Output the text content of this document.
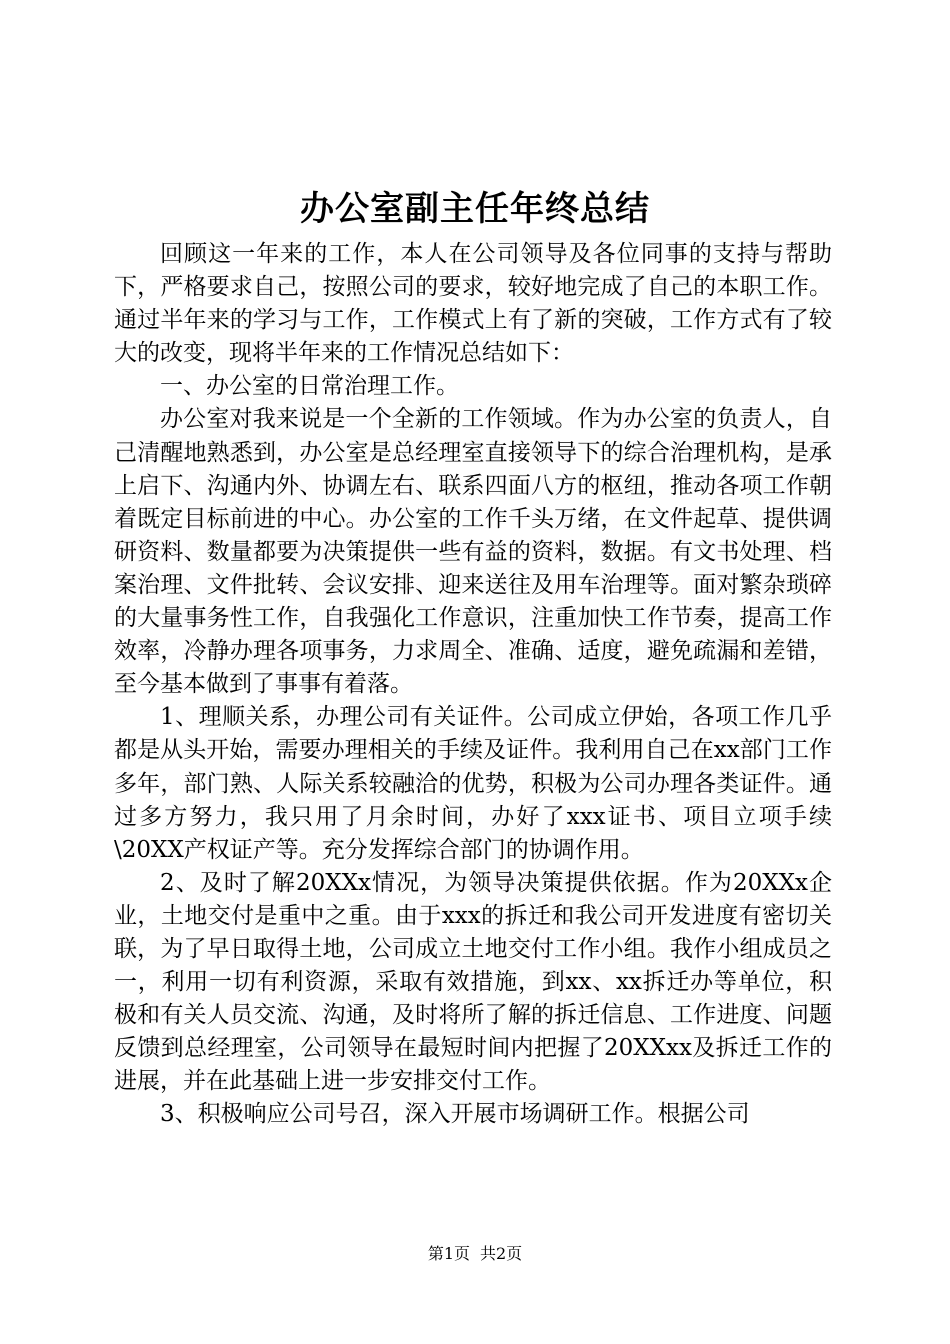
办公室副主任年终总结

回顾这一年来的工作，本人在公司领导及各位同事的支持与帮助下，严格要求自己，按照公司的要求，较好地完成了自己的本职工作。通过半年来的学习与工作，工作模式上有了新的突破，工作方式有了较大的改变，现将半年来的工作情况总结如下：

一、办公室的日常治理工作。

办公室对我来说是一个全新的工作领域。作为办公室的负责人，自己清醒地熟悉到，办公室是总经理室直接领导下的综合治理机构，是承上启下、沟通内外、协调左右、联系四面八方的枢纽，推动各项工作朝着既定目标前进的中心。办公室的工作千头万绪，在文件起草、提供调研资料、数量都要为决策提供一些有益的资料，数据。有文书处理、档案治理、文件批转、会议安排、迎来送往及用车治理等。面对繁杂琐碎的大量事务性工作，自我强化工作意识，注重加快工作节奏，提高工作效率，冷静办理各项事务，力求周全、准确、适度，避免疏漏和差错，至今基本做到了事事有着落。

1、理顺关系，办理公司有关证件。公司成立伊始，各项工作几乎都是从头开始，需要办理相关的手续及证件。我利用自己在xx部门工作多年，部门熟、人际关系较融洽的优势，积极为公司办理各类证件。通过多方努力，我只用了月余时间，办好了xxx证书、项目立项手续\20XX产权证产等。充分发挥综合部门的协调作用。

2、及时了解20XXx情况，为领导决策提供依据。作为20XXx企业，土地交付是重中之重。由于xxx的拆迁和我公司开发进度有密切关联，为了早日取得土地，公司成立土地交付工作小组。我作小组成员之一，利用一切有利资源，采取有效措施，到xx、xx拆迁办等单位，积极和有关人员交流、沟通，及时将所了解的拆迁信息、工作进度、问题反馈到总经理室，公司领导在最短时间内把握了20XXxx及拆迁工作的进展，并在此基础上进一步安排交付工作。

3、积极响应公司号召，深入开展市场调研工作。根据公司

第1页 共2页
